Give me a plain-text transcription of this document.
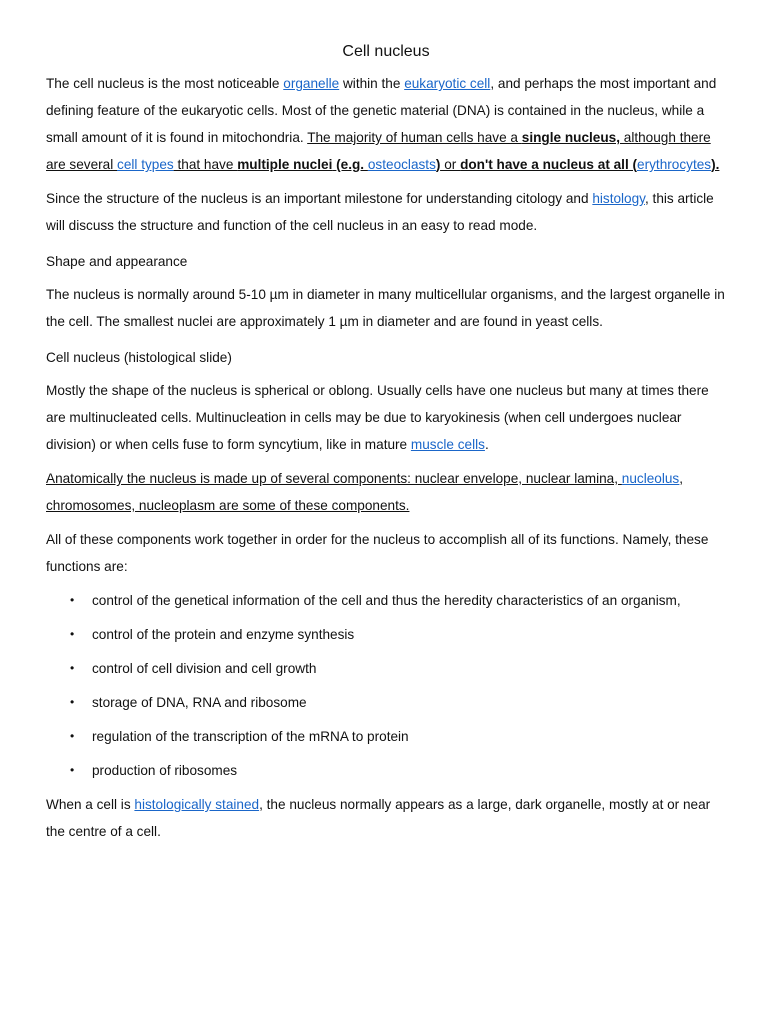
Cell nucleus

The cell nucleus is the most noticeable organelle within the eukaryotic cell, and perhaps the most important and defining feature of the eukaryotic cells. Most of the genetic material (DNA) is contained in the nucleus, while a small amount of it is found in mitochondria. The majority of human cells have a single nucleus, although there are several cell types that have multiple nuclei (e.g. osteoclasts) or don't have a nucleus at all (erythrocytes).

Since the structure of the nucleus is an important milestone for understanding citology and histology, this article will discuss the structure and function of the cell nucleus in an easy to read mode.

Shape and appearance

The nucleus is normally around 5-10 µm in diameter in many multicellular organisms, and the largest organelle in the cell. The smallest nuclei are approximately 1 µm in diameter and are found in yeast cells.

Cell nucleus (histological slide)

Mostly the shape of the nucleus is spherical or oblong. Usually cells have one nucleus but many at times there are multinucleated cells. Multinucleation in cells may be due to karyokinesis (when cell undergoes nuclear division) or when cells fuse to form syncytium, like in mature muscle cells.

Anatomically the nucleus is made up of several components: nuclear envelope, nuclear lamina, nucleolus, chromosomes, nucleoplasm are some of these components.

All of these components work together in order for the nucleus to accomplish all of its functions. Namely, these functions are:

• control of the genetical information of the cell and thus the heredity characteristics of an organism,
• control of the protein and enzyme synthesis
• control of cell division and cell growth
• storage of DNA, RNA and ribosome
• regulation of the transcription of the mRNA to protein
• production of ribosomes

When a cell is histologically stained, the nucleus normally appears as a large, dark organelle, mostly at or near the centre of a cell.
